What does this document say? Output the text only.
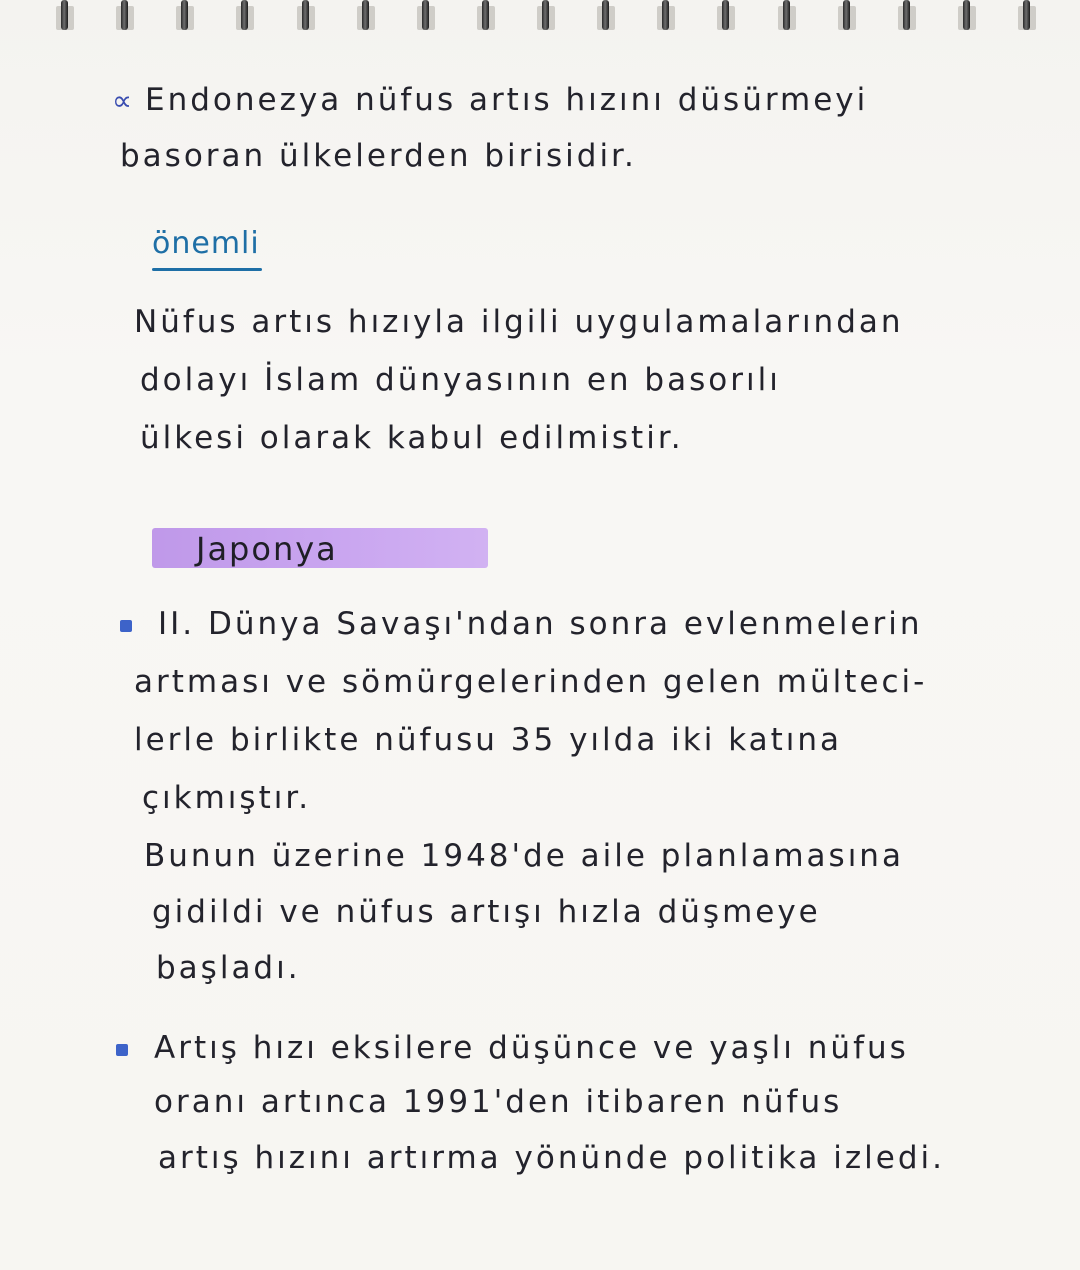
∝ Endonezya nüfus artıs hızını düsürmeyi
basoran ülkelerden birisidir.
önemli
Nüfus artıs hızıyla ilgili uygulamalarından
dolayı İslam dünyasının en basorılı
ülkesi olarak kabul edilmistir.
Japonya
II. Dünya Savaşı'ndan sonra evlenmelerin
artması ve sömürgelerinden gelen mülteci-
lerle birlikte nüfusu 35 yılda iki katına
çıkmıştır.
Bunun üzerine 1948'de aile planlamasına
gidildi ve nüfus artışı hızla düşmeye
başladı.
Artış hızı eksilere düşünce ve yaşlı nüfus
oranı artınca 1991'den itibaren nüfus
artış hızını artırma yönünde politika izledi.
